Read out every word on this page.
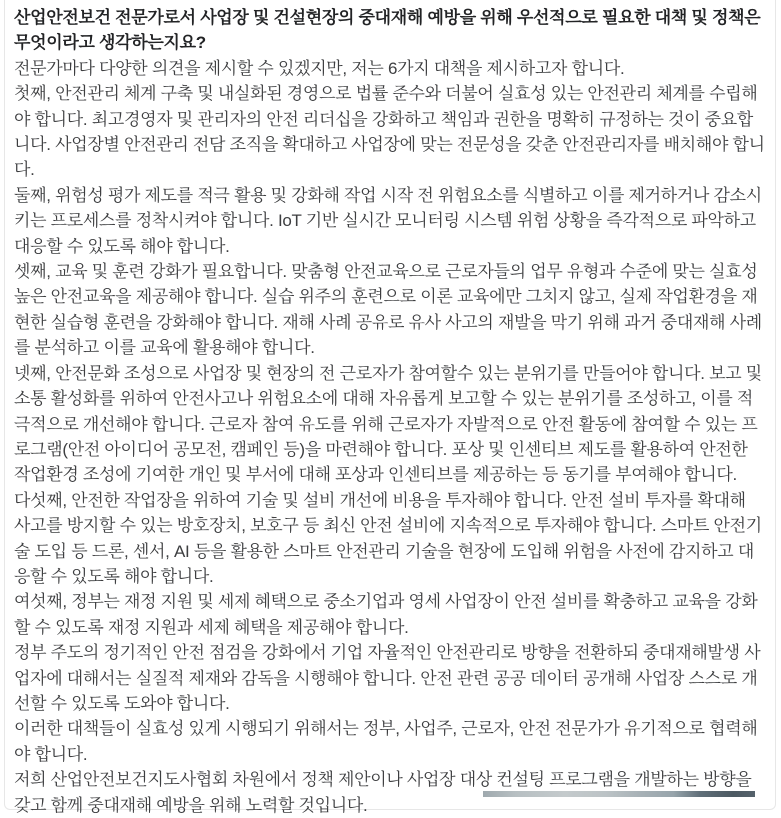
산업안전보건 전문가로서 사업장 및 건설현장의 중대재해 예방을 위해 우선적으로 필요한 대책 및 정책은 무엇이라고 생각하는지요?

전문가마다 다양한 의견을 제시할 수 있겠지만, 저는 6가지 대책을 제시하고자 합니다.

첫째, 안전관리 체계 구축 및 내실화된 경영으로 법률 준수와 더불어 실효성 있는 안전관리 체계를 수립해야 합니다. 최고경영자 및 관리자의 안전 리더십을 강화하고 책임과 권한을 명확히 규정하는 것이 중요합니다. 사업장별 안전관리 전담 조직을 확대하고 사업장에 맞는 전문성을 갖춘 안전관리자를 배치해야 합니다.

둘째, 위험성 평가 제도를 적극 활용 및 강화해 작업 시작 전 위험요소를 식별하고 이를 제거하거나 감소시키는 프로세스를 정착시켜야 합니다. IoT 기반 실시간 모니터링 시스템 위험 상황을 즉각적으로 파악하고 대응할 수 있도록 해야 합니다.

셋째, 교육 및 훈련 강화가 필요합니다. 맞춤형 안전교육으로 근로자들의 업무 유형과 수준에 맞는 실효성 높은 안전교육을 제공해야 합니다. 실습 위주의 훈련으로 이론 교육에만 그치지 않고, 실제 작업환경을 재현한 실습형 훈련을 강화해야 합니다. 재해 사례 공유로 유사 사고의 재발을 막기 위해 과거 중대재해 사례를 분석하고 이를 교육에 활용해야 합니다.

넷째, 안전문화 조성으로 사업장 및 현장의 전 근로자가 참여할수 있는 분위기를 만들어야 합니다. 보고 및 소통 활성화를 위하여 안전사고나 위험요소에 대해 자유롭게 보고할 수 있는 분위기를 조성하고, 이를 적극적으로 개선해야 합니다. 근로자 참여 유도를 위해 근로자가 자발적으로 안전 활동에 참여할 수 있는 프로그램(안전 아이디어 공모전, 캠페인 등)을 마련해야 합니다. 포상 및 인센티브 제도를 활용하여 안전한 작업환경 조성에 기여한 개인 및 부서에 대해 포상과 인센티브를 제공하는 등 동기를 부여해야 합니다.

다섯째, 안전한 작업장을 위하여 기술 및 설비 개선에 비용을 투자해야 합니다. 안전 설비 투자를 확대해 사고를 방지할 수 있는 방호장치, 보호구 등 최신 안전 설비에 지속적으로 투자해야 합니다. 스마트 안전기술 도입 등 드론, 센서, AI 등을 활용한 스마트 안전관리 기술을 현장에 도입해 위험을 사전에 감지하고 대응할 수 있도록 해야 합니다.

여섯째, 정부는 재정 지원 및 세제 혜택으로 중소기업과 영세 사업장이 안전 설비를 확충하고 교육을 강화할 수 있도록 재정 지원과 세제 혜택을 제공해야 합니다.

정부 주도의 정기적인 안전 점검을 강화에서 기업 자율적인 안전관리로 방향을 전환하되 중대재해발생 사업자에 대해서는 실질적 제재와 감독을 시행해야 합니다. 안전 관련 공공 데이터 공개해 사업장 스스로 개선할 수 있도록 도와야 합니다.

이러한 대책들이 실효성 있게 시행되기 위해서는 정부, 사업주, 근로자, 안전 전문가가 유기적으로 협력해야 합니다.

저희 산업안전보건지도사협회 차원에서 정책 제안이나 사업장 대상 컨설팅 프로그램을 개발하는 방향을 갖고 함께 중대재해 예방을 위해 노력할 것입니다.
